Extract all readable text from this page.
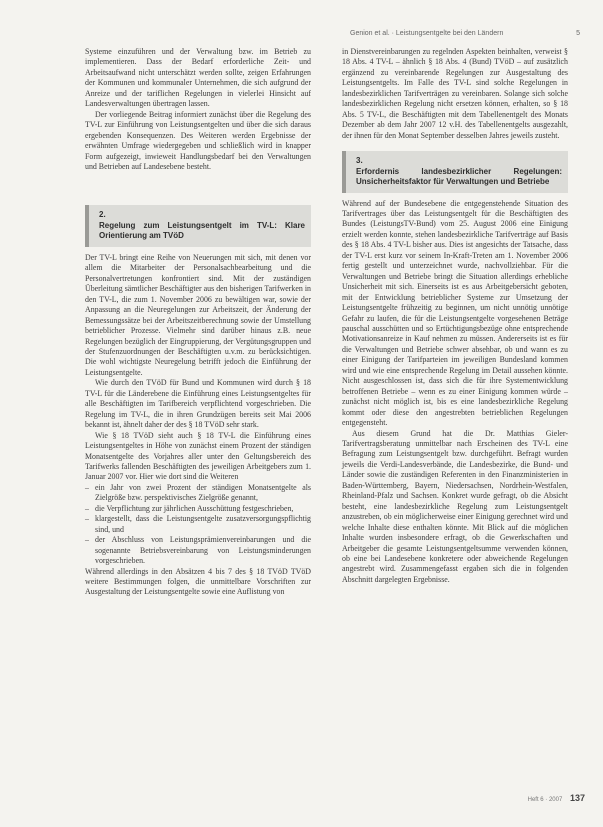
Genion et al. · Leistungsentgelte bei den Ländern	5

Systeme einzuführen und der Verwaltung bzw. im Betrieb zu implementieren. Dass der Bedarf erforderliche Zeit- und Arbeitsaufwand nicht unterschätzt werden sollte, zeigen Erfahrungen der Kommunen und kommunaler Unternehmen, die sich aufgrund der Anreize und der tariflichen Regelungen in vielerlei Hinsicht auf Landesverwaltungen übertragen lassen.

Der vorliegende Beitrag informiert zunächst über die Regelung des TV-L zur Einführung von Leistungsentgelten und über die sich daraus ergebenden Konsequenzen. Des Weiteren werden Ergebnisse der erwähnten Umfrage wiedergegeben und schließlich wird in knapper Form aufgezeigt, inwieweit Handlungsbedarf bei den Verwaltungen und Betrieben auf Landesebene besteht.

2.
Regelung zum Leistungsentgelt im TV-L: Klare Orientierung am TVöD

Der TV-L bringt eine Reihe von Neuerungen mit sich, mit denen vor allem die Mitarbeiter der Personalsachbearbeitung und die Personalvertretungen konfrontiert sind. Mit der zuständigen Überleitung sämtlicher Beschäftigter aus den bisherigen Tarifwerken in den TV-L, die zum 1. November 2006 zu bewältigen war, sowie der Anpassung an die Neuregelungen zur Arbeitszeit, der Änderung der Bemessungssätze bei der Arbeitszeitberechnung sowie der Umstellung betrieblicher Prozesse. Vielmehr sind darüber hinaus z.B. neue Regelungen bezüglich der Eingruppierung, der Vergütungsgruppen und der Stufenzuordnungen der Beschäftigten u.v.m. zu berücksichtigen. Die wohl wichtigste Neuregelung betrifft jedoch die Einführung der Leistungsentgelte.

Wie durch den TVöD für Bund und Kommunen wird durch § 18 TV-L für die Länderebene die Einführung eines Leistungsentgeltes für alle Beschäftigten im Tarifbereich verpflichtend vorgeschrieben. Die Regelung im TV-L, die in ihren Grundzügen bereits seit Mai 2006 bekannt ist, ähnelt daher der des § 18 TVöD sehr stark.

Wie § 18 TVöD sieht auch § 18 TV-L die Einführung eines Leistungsentgeltes in Höhe von zunächst einem Prozent der ständigen Monatsentgelte des Vorjahres aller unter den Geltungsbereich des Tarifwerks fallenden Beschäftigten des jeweiligen Arbeitgebers zum 1. Januar 2007 vor. Hier wie dort sind die Weiteren

– ein Jahr von zwei Prozent der ständigen Monatsentgelte als Zielgröße bzw. perspektivisches Zielgröße genannt,
– die Verpflichtung zur jährlichen Ausschüttung festgeschrieben,
– klargestellt, dass die Leistungsentgelte zusatzversorgungspflichtig sind, und
– der Abschluss von Leistungsprämienvereinbarungen und die sogenannte Betriebsvereinbarung von Leistungsminderungen vorgeschrieben.

Während allerdings in den Absätzen 4 bis 7 des § 18 TVöD TVöD weitere Bestimmungen folgen, die unmittelbare Vorschriften zur Ausgestaltung der Leistungsentgelte sowie eine Auflistung von

in Dienstvereinbarungen zu regelnden Aspekten beinhalten, verweist § 18 Abs. 4 TV-L – ähnlich § 18 Abs. 4 (Bund) TVöD – auf zusätzlich ergänzend zu vereinbarende Regelungen zur Ausgestaltung des Leistungsentgelts. Im Falle des TV-L sind solche Regelungen in landesbezirklichen Tarifverträgen zu vereinbaren. Solange sich solche landesbezirklichen Regelung nicht ersetzen können, erhalten, so § 18 Abs. 5 TV-L, die Beschäftigten mit dem Tabellenentgelt des Monats Dezember ab dem Jahr 2007 12 v.H. des Tabellenentgelts ausgezahlt, der ihnen für den Monat September desselben Jahres jeweils zusteht.

3.
Erfordernis landesbezirklicher Regelungen: Unsicherheitsfaktor für Verwaltungen und Betriebe

Während auf der Bundesebene die entgegenstehende Situation des Tarifvertrages über das Leistungsentgelt für die Beschäftigten des Bundes (LeistungsTV-Bund) vom 25. August 2006 eine Einigung erzielt werden konnte, stehen landesbezirkliche Tarifverträge auf Basis des § 18 Abs. 4 TV-L bisher aus. Dies ist angesichts der Tatsache, dass der TV-L erst kurz vor seinem In-Kraft-Treten am 1. November 2006 fertig gestellt und unterzeichnet wurde, nachvollziehbar. Für die Verwaltungen und Betriebe bringt die Situation allerdings erhebliche Unsicherheit mit sich. Einerseits ist es aus Arbeitgebersicht geboten, mit der Entwicklung betrieblicher Systeme zur Umsetzung der Leistungsentgelte frühzeitig zu beginnen, um nicht unnötig unnötige Gefahr zu laufen, die für die Leistungsentgelte vorgesehenen Beträge pauschal ausschütten und so Ertüchtigungsbezüge ohne entsprechende Motivationsanreize in Kauf nehmen zu müssen. Andererseits ist es für die Verwaltungen und Betriebe schwer absehbar, ob und wann es zu einer Einigung der Tarifparteien im jeweiligen Bundesland kommen wird und wie eine entsprechende Regelung im Detail aussehen könnte. Nicht ausgeschlossen ist, dass sich die für ihre Systementwicklung betroffenen Betriebe – wenn es zu einer Einigung kommen würde – zunächst nicht möglich ist, bis es eine landesbezirkliche Regelung kommt oder diese den angestrebten betrieblichen Regelungen entgegensteht.

Aus diesem Grund hat die Dr. Matthias Gieler-Tarifvertragsberatung unmittelbar nach Erscheinen des TV-L eine Befragung zum Leistungsentgelt bzw. durchgeführt. Befragt wurden jeweils die Verdi-Landesverbände, die Landesbezirke, die Bund- und Länder sowie die zuständigen Referenten in den Finanzministerien in Baden-Württemberg, Bayern, Niedersachsen, Nordrhein-Westfalen, Rheinland-Pfalz und Sachsen. Konkret wurde gefragt, ob die Absicht besteht, eine landesbezirkliche Regelung zum Leistungsentgelt anzustreben, ob ein möglicherweise einer Einigung gerechnet wird und welche Inhalte diese enthalten könnte. Mit Blick auf die möglichen Inhalte wurden insbesondere erfragt, ob die Gewerkschaften und Arbeitgeber die gesamte Leistungsentgeltsumme verwenden können, ob eine bei Landesebene konkretere oder abweichende Regelungen angestrebt wird. Zusammengefasst ergaben sich die in folgenden Abschnitt dargelegten Ergebnisse.

Heft 6 · 2007 137
